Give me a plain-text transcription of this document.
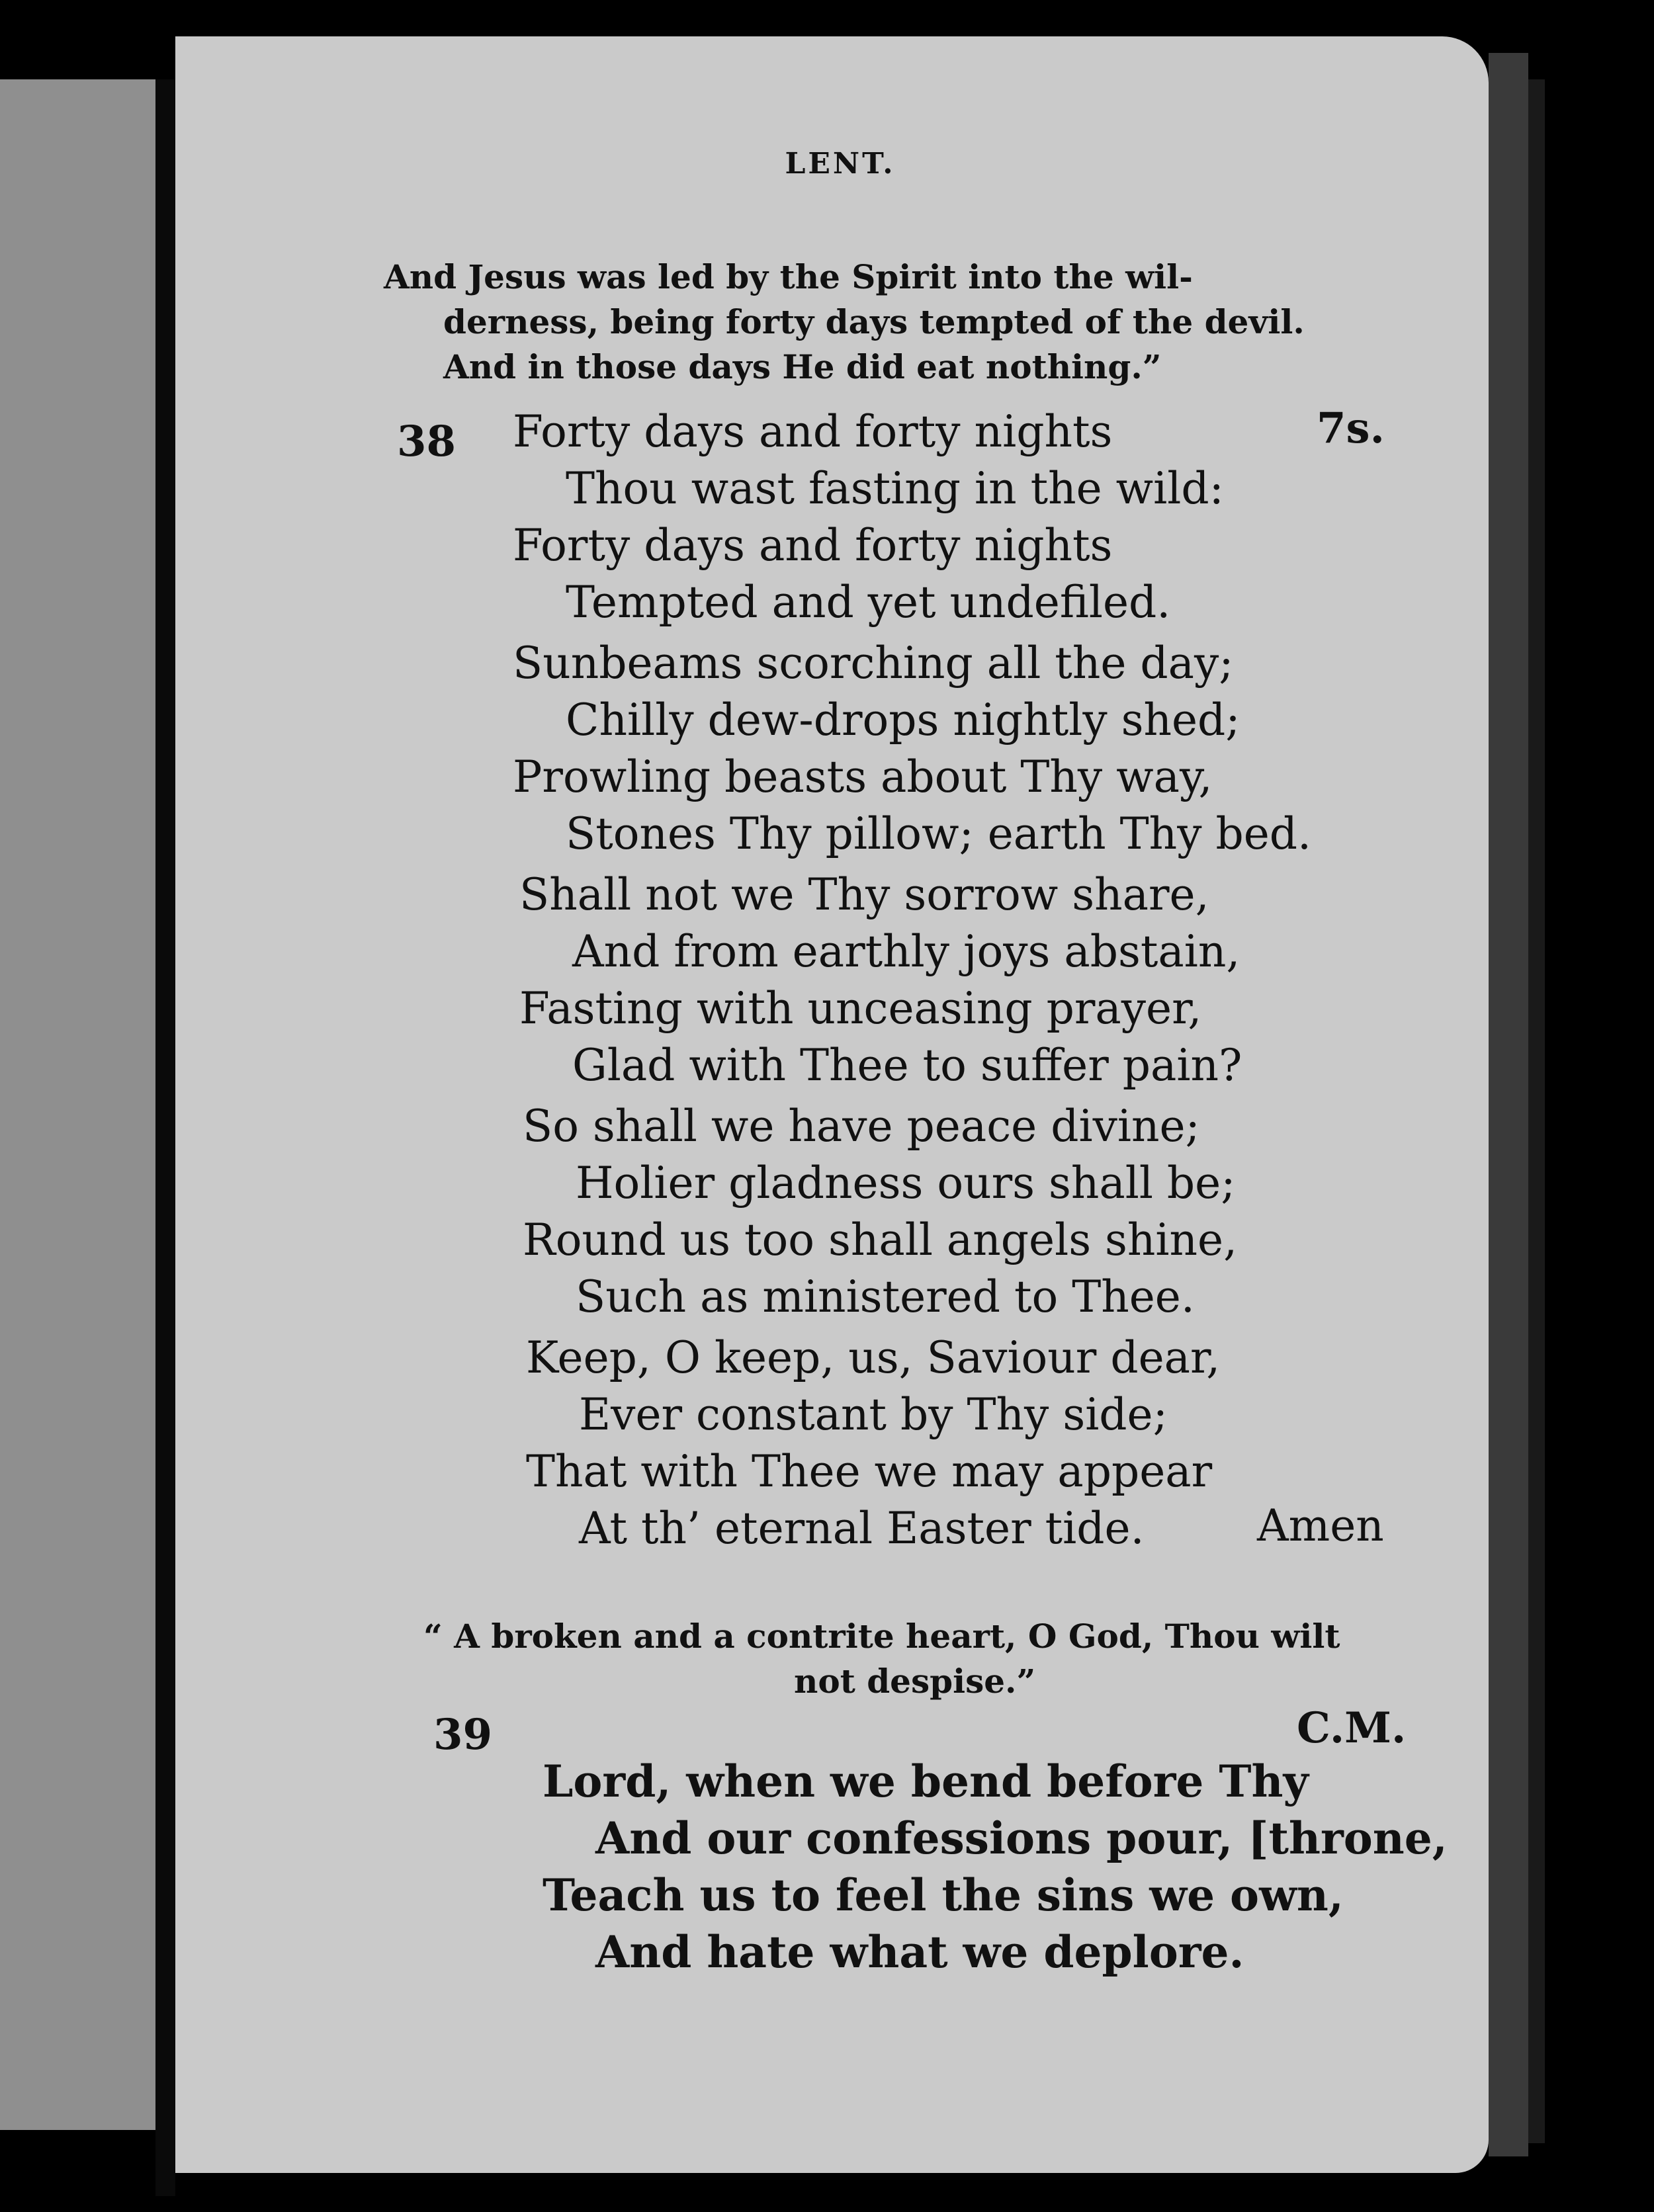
LENT.
And Jesus was led by the Spirit into the wil-
derness, being forty days tempted of the devil.
And in those days He did eat nothing.”
38	7s.
Forty days and forty nights
Thou wast fasting in the wild:
Forty days and forty nights
Tempted and yet undefiled.
Sunbeams scorching all the day;
Chilly dew-drops nightly shed;
Prowling beasts about Thy way,
Stones Thy pillow; earth Thy bed.
Shall not we Thy sorrow share,
And from earthly joys abstain,
Fasting with unceasing prayer,
Glad with Thee to suffer pain?
So shall we have peace divine;
Holier gladness ours shall be;
Round us too shall angels shine,
Such as ministered to Thee.
Keep, O keep, us, Saviour dear,
Ever constant by Thy side;
That with Thee we may appear
At th’ eternal Easter tide.	Amen
“ A broken and a contrite heart, O God, Thou wilt
not despise.”
39	C.M.
Lord, when we bend before Thy
And our confessions pour, [throne,
Teach us to feel the sins we own,
And hate what we deplore.
